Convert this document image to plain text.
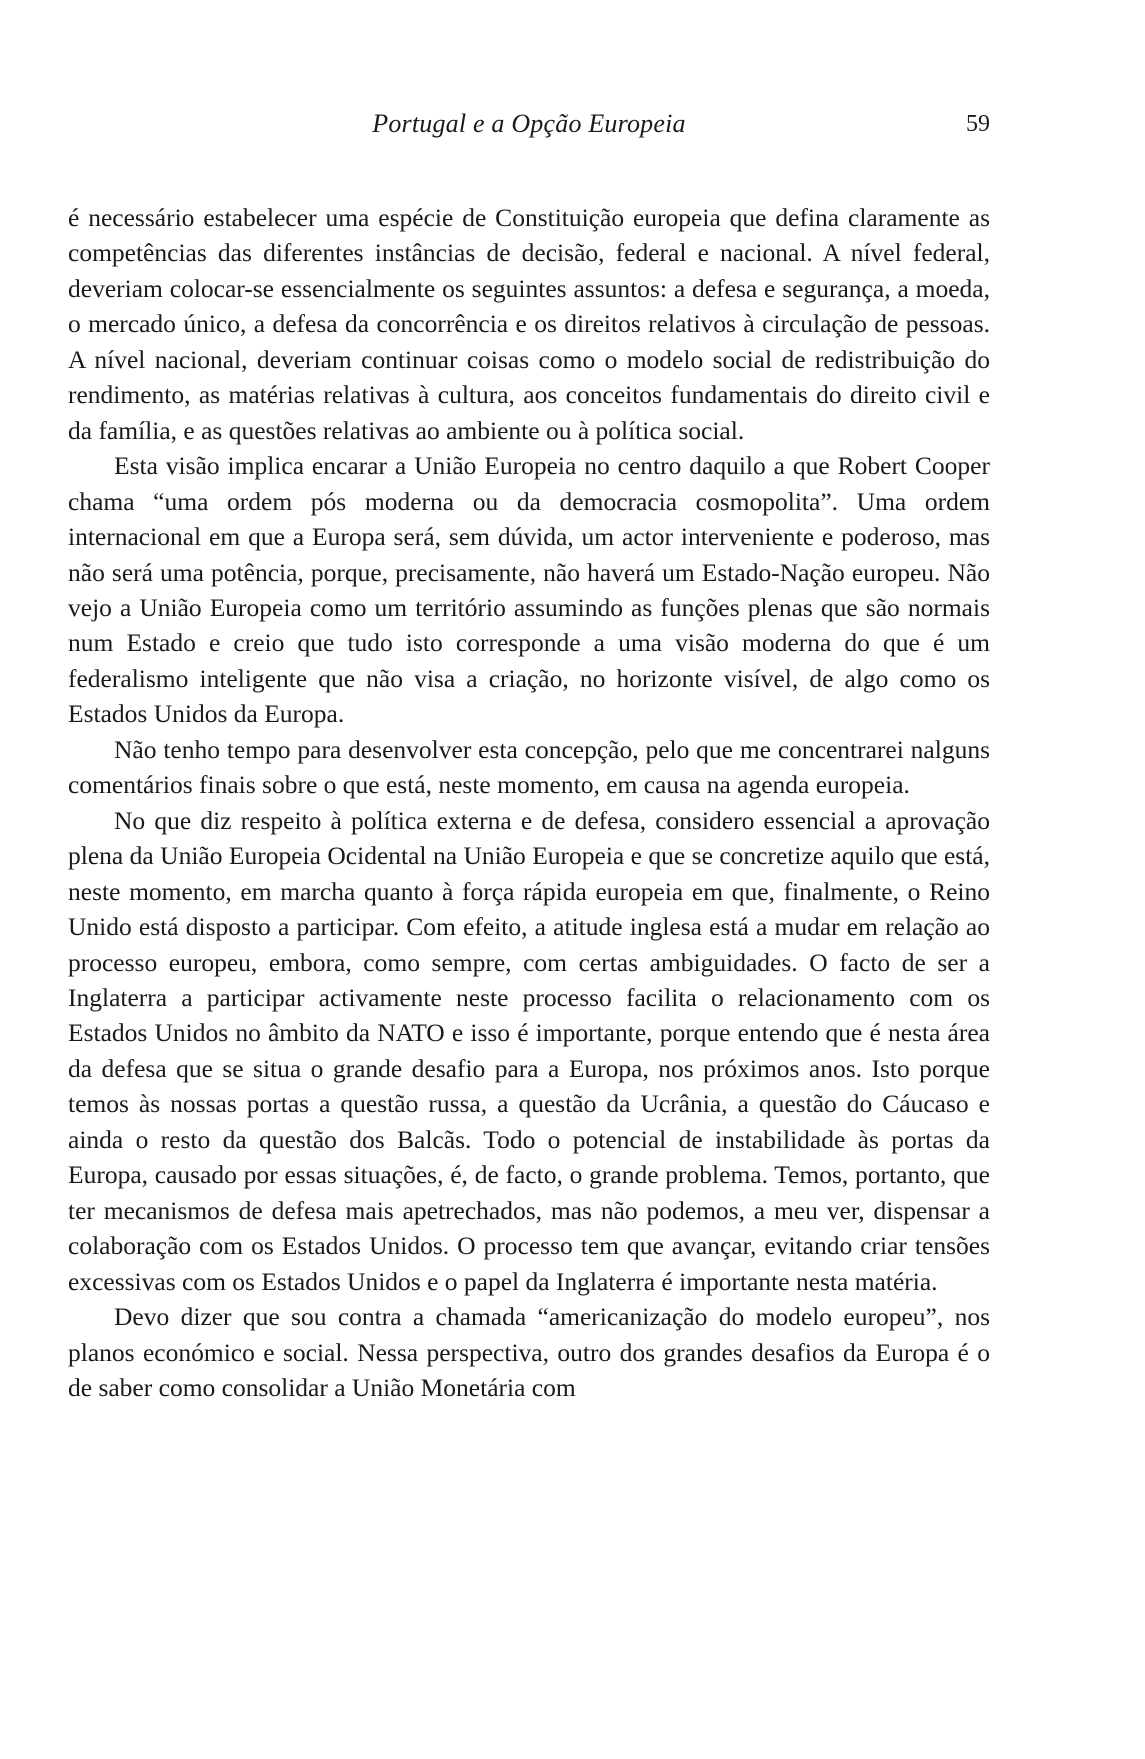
Portugal e a Opção Europeia	59

é necessário estabelecer uma espécie de Constituição europeia que defina claramente as competências das diferentes instâncias de decisão, federal e nacional. A nível federal, deveriam colocar-se essencialmente os seguintes assuntos: a defesa e segurança, a moeda, o mercado único, a defesa da concorrência e os direitos relativos à circulação de pessoas. A nível nacional, deveriam continuar coisas como o modelo social de redistribuição do rendimento, as matérias relativas à cultura, aos conceitos fundamentais do direito civil e da família, e as questões relativas ao ambiente ou à política social.

Esta visão implica encarar a União Europeia no centro daquilo a que Robert Cooper chama “uma ordem pós moderna ou da democracia cosmopolita”. Uma ordem internacional em que a Europa será, sem dúvida, um actor interveniente e poderoso, mas não será uma potência, porque, precisamente, não haverá um Estado-Nação europeu. Não vejo a União Europeia como um território assumindo as funções plenas que são normais num Estado e creio que tudo isto corresponde a uma visão moderna do que é um federalismo inteligente que não visa a criação, no horizonte visível, de algo como os Estados Unidos da Europa.

Não tenho tempo para desenvolver esta concepção, pelo que me concentrarei nalguns comentários finais sobre o que está, neste momento, em causa na agenda europeia.

No que diz respeito à política externa e de defesa, considero essencial a aprovação plena da União Europeia Ocidental na União Europeia e que se concretize aquilo que está, neste momento, em marcha quanto à força rápida europeia em que, finalmente, o Reino Unido está disposto a participar. Com efeito, a atitude inglesa está a mudar em relação ao processo europeu, embora, como sempre, com certas ambiguidades. O facto de ser a Inglaterra a participar activamente neste processo facilita o relacionamento com os Estados Unidos no âmbito da NATO e isso é importante, porque entendo que é nesta área da defesa que se situa o grande desafio para a Europa, nos próximos anos. Isto porque temos às nossas portas a questão russa, a questão da Ucrânia, a questão do Cáucaso e ainda o resto da questão dos Balcãs. Todo o potencial de instabilidade às portas da Europa, causado por essas situações, é, de facto, o grande problema. Temos, portanto, que ter mecanismos de defesa mais apetrechados, mas não podemos, a meu ver, dispensar a colaboração com os Estados Unidos. O processo tem que avançar, evitando criar tensões excessivas com os Estados Unidos e o papel da Inglaterra é importante nesta matéria.

Devo dizer que sou contra a chamada “americanização do modelo europeu”, nos planos económico e social. Nessa perspectiva, outro dos grandes desafios da Europa é o de saber como consolidar a União Monetária com
